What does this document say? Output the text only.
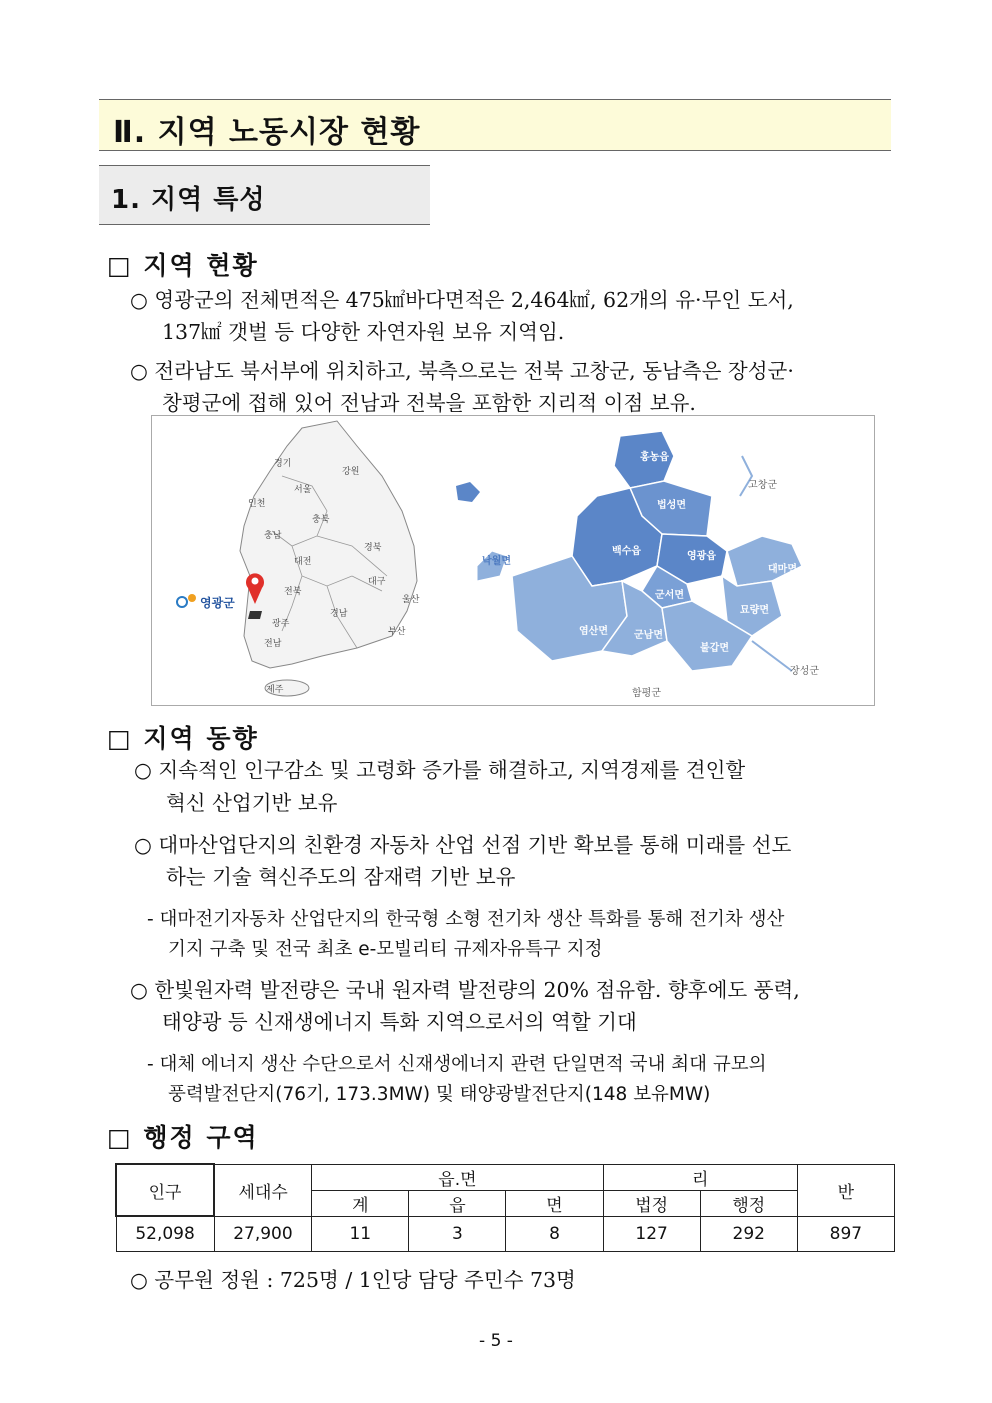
Ⅱ. 지역 노동시장 현황
1. 지역 특성
□ 지역 현황
○ 영광군의 전체면적은 475㎢바다면적은 2,464㎢, 62개의 유·무인 도서,
137㎢ 갯벌 등 다양한 자연자원 보유 지역임.
○ 전라남도 북서부에 위치하고, 북측으로는 전북 고창군, 동남측은 장성군·
창평군에 접해 있어 전남과 전북을 포함한 지리적 이점 보유.
경기
강원
서울
인천
충북
충남
경북
대전
대구
전북
울산
경남
광주
부산
전남
제주
영광군
홍농읍
법성면
백수읍	영광읍
대마면
군서면
묘량면
염산면	군남면
불갑면
고창군
낙월면
장성군
함평군
□ 지역 동향
○ 지속적인 인구감소 및 고령화 증가를 해결하고, 지역경제를 견인할
혁신 산업기반 보유
○ 대마산업단지의 친환경 자동차 산업 선점 기반 확보를 통해 미래를 선도
하는 기술 혁신주도의 잠재력 기반 보유
- 대마전기자동차 산업단지의 한국형 소형 전기차 생산 특화를 통해 전기차 생산
기지 구축 및 전국 최초 e-모빌리티 규제자유특구 지정
○ 한빛원자력 발전량은 국내 원자력 발전량의 20% 점유함. 향후에도 풍력,
태양광 등 신재생에너지 특화 지역으로서의 역할 기대
- 대체 에너지 생산 수단으로서 신재생에너지 관련 단일면적 국내 최대 규모의
풍력발전단지(76기, 173.3MW) 및 태양광발전단지(148 보유MW)
□ 행정 구역
인구	세대수	읍.면			리		반
		계	읍	면	법정	행정	
52,098	27,900	11	3	8	127	292	897
○ 공무원 정원 : 725명 / 1인당 담당 주민수 73명
- 5 -
